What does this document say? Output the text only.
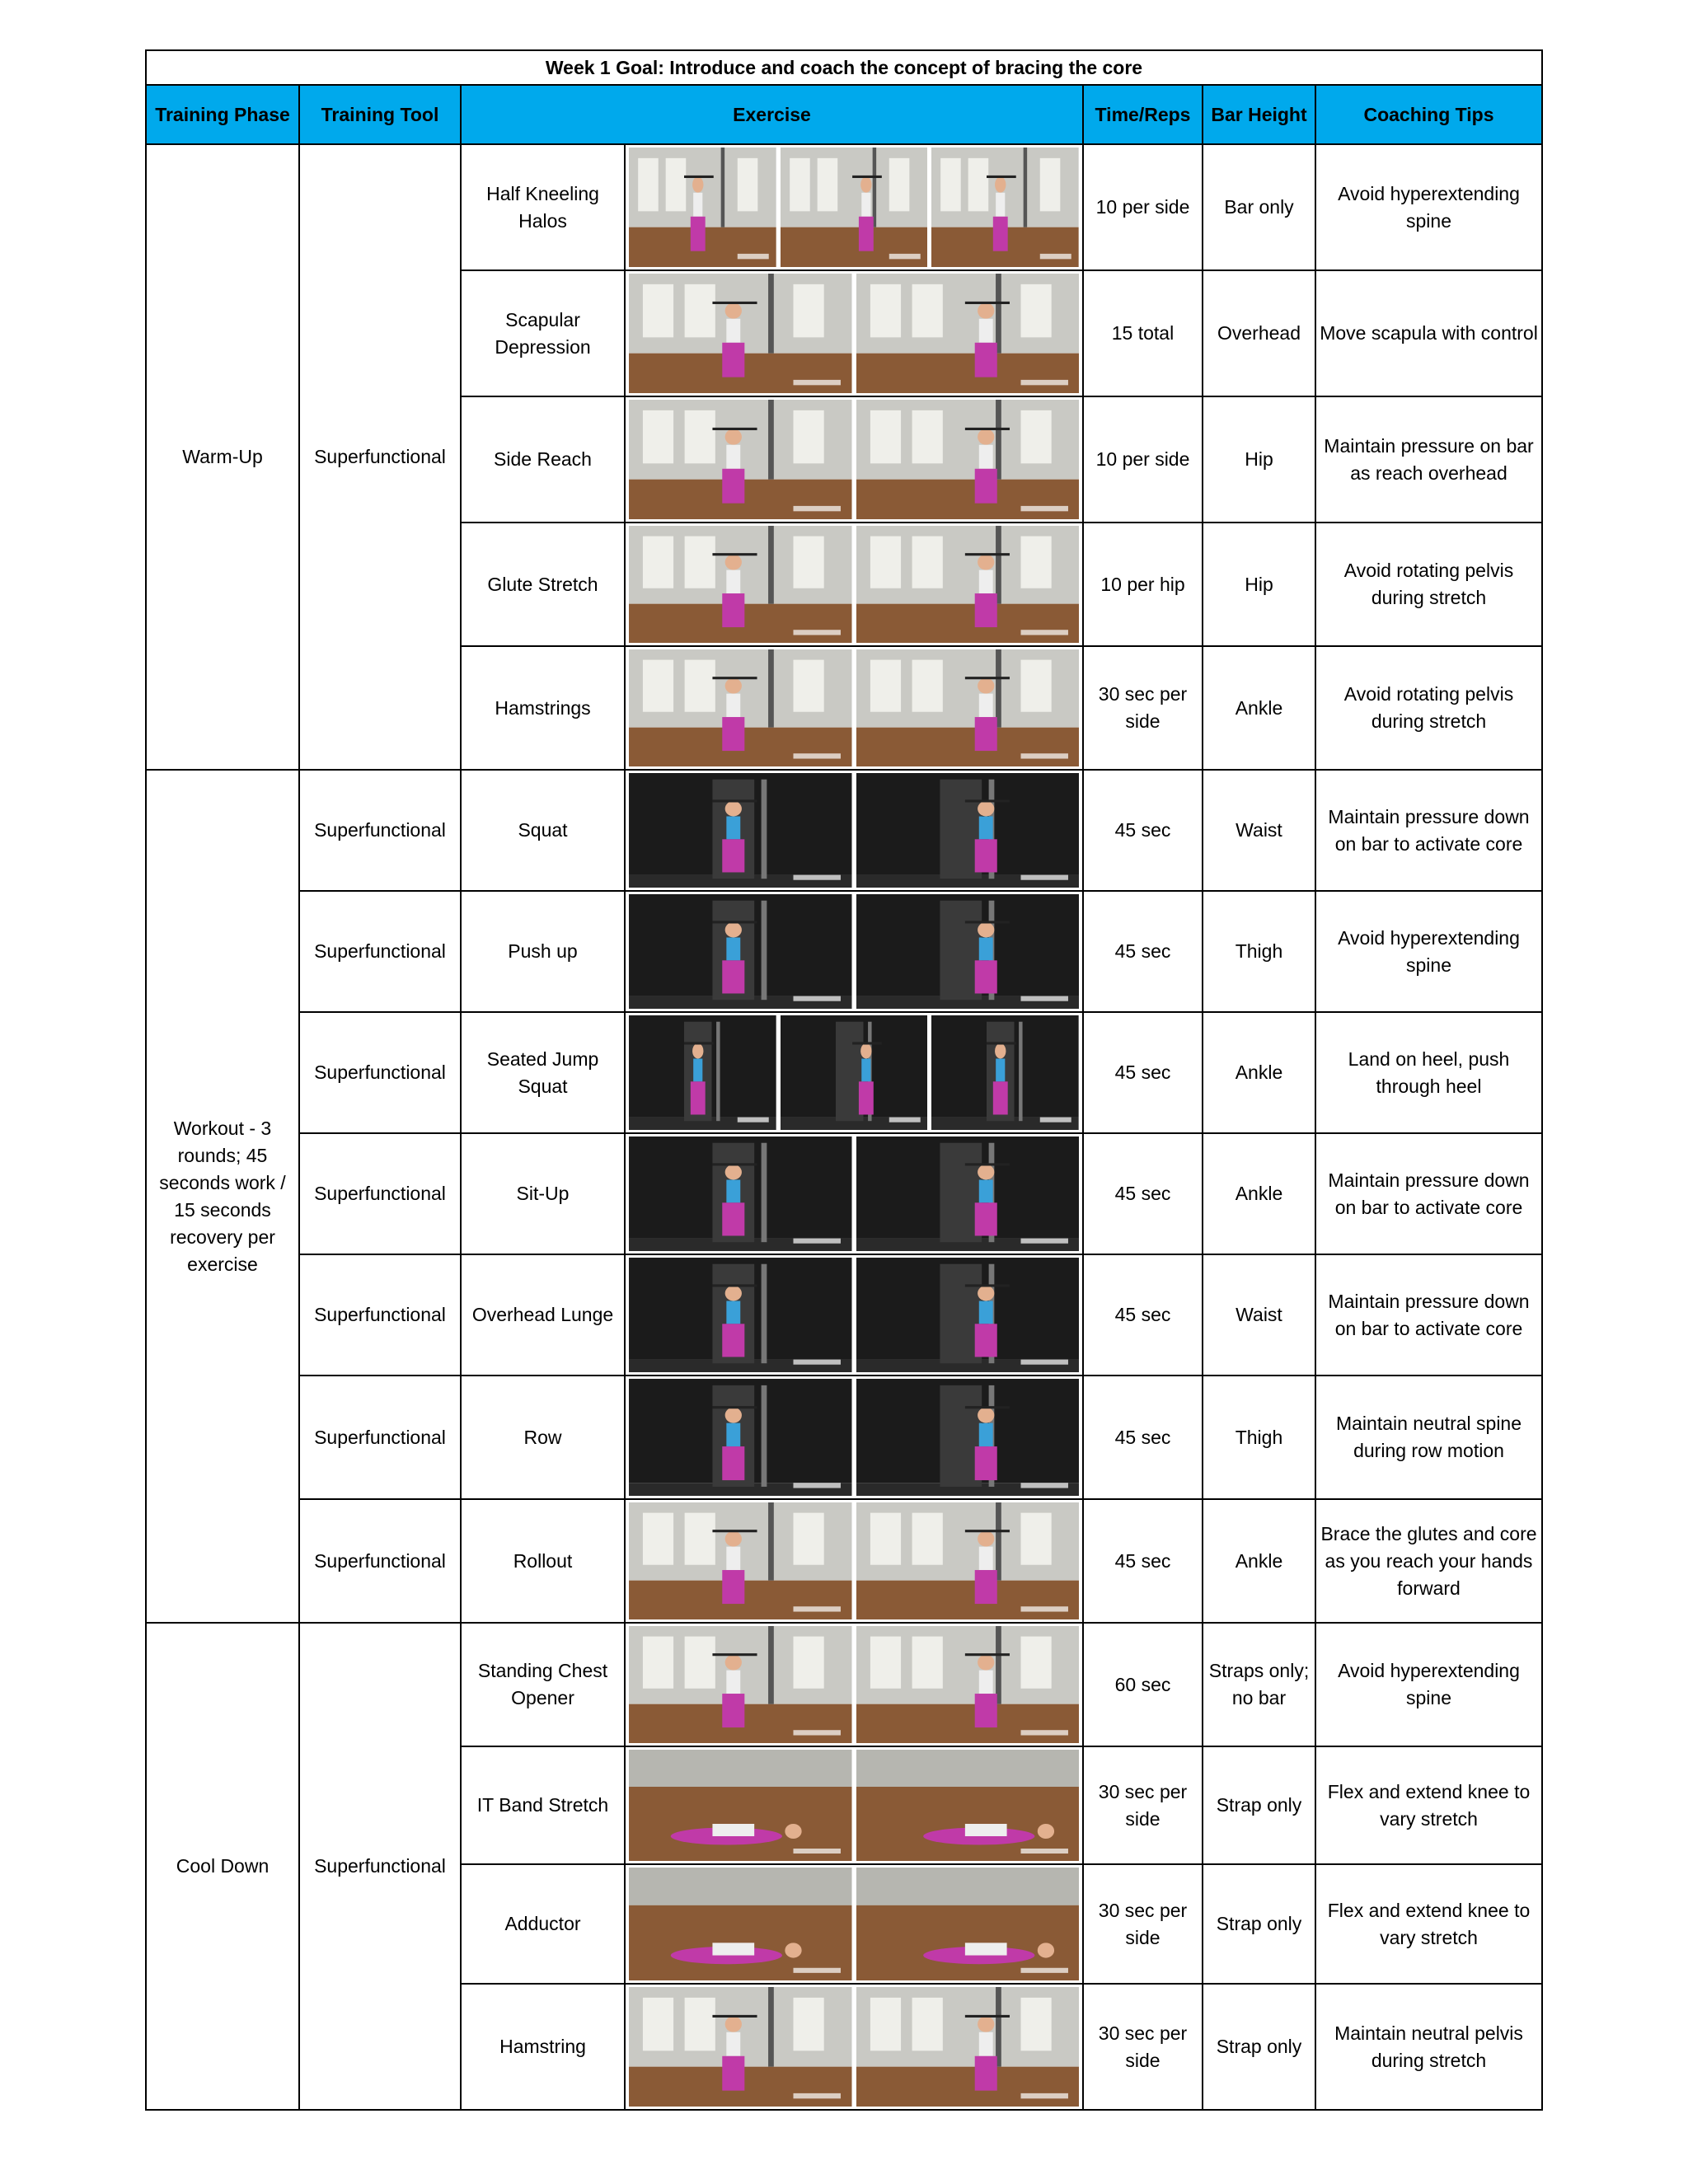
Week 1 Goal: Introduce and coach the concept of bracing the core						
Training Phase	Training Tool	Exercise		Time/Reps	Bar Height	Coaching Tips
Warm-Up	Superfunctional	Half Kneeling Halos		10 per side	Bar only	Avoid hyperextending spine
		Scapular Depression		15 total	Overhead	Move scapula with control
		Side Reach		10 per side	Hip	Maintain pressure on bar as reach overhead
		Glute Stretch		10 per hip	Hip	Avoid rotating pelvis during stretch
		Hamstrings		30 sec per side	Ankle	Avoid rotating pelvis during stretch
Workout - 3 rounds; 45 seconds work / 15 seconds recovery per exercise	Superfunctional	Squat		45 sec	Waist	Maintain pressure down on bar to activate core
	Superfunctional	Push up		45 sec	Thigh	Avoid hyperextending spine
	Superfunctional	Seated Jump Squat		45 sec	Ankle	Land on heel, push through heel
	Superfunctional	Sit-Up		45 sec	Ankle	Maintain pressure down on bar to activate core
	Superfunctional	Overhead Lunge		45 sec	Waist	Maintain pressure down on bar to activate core
	Superfunctional	Row		45 sec	Thigh	Maintain neutral spine during row motion
	Superfunctional	Rollout		45 sec	Ankle	Brace the glutes and core as you reach your hands forward
Cool Down	Superfunctional	Standing Chest Opener		60 sec	Straps only; no bar	Avoid hyperextending spine
		IT Band Stretch		30 sec per side	Strap only	Flex and extend knee to vary stretch
		Adductor		30 sec per side	Strap only	Flex and extend knee to vary stretch
		Hamstring		30 sec per side	Strap only	Maintain neutral pelvis during stretch
